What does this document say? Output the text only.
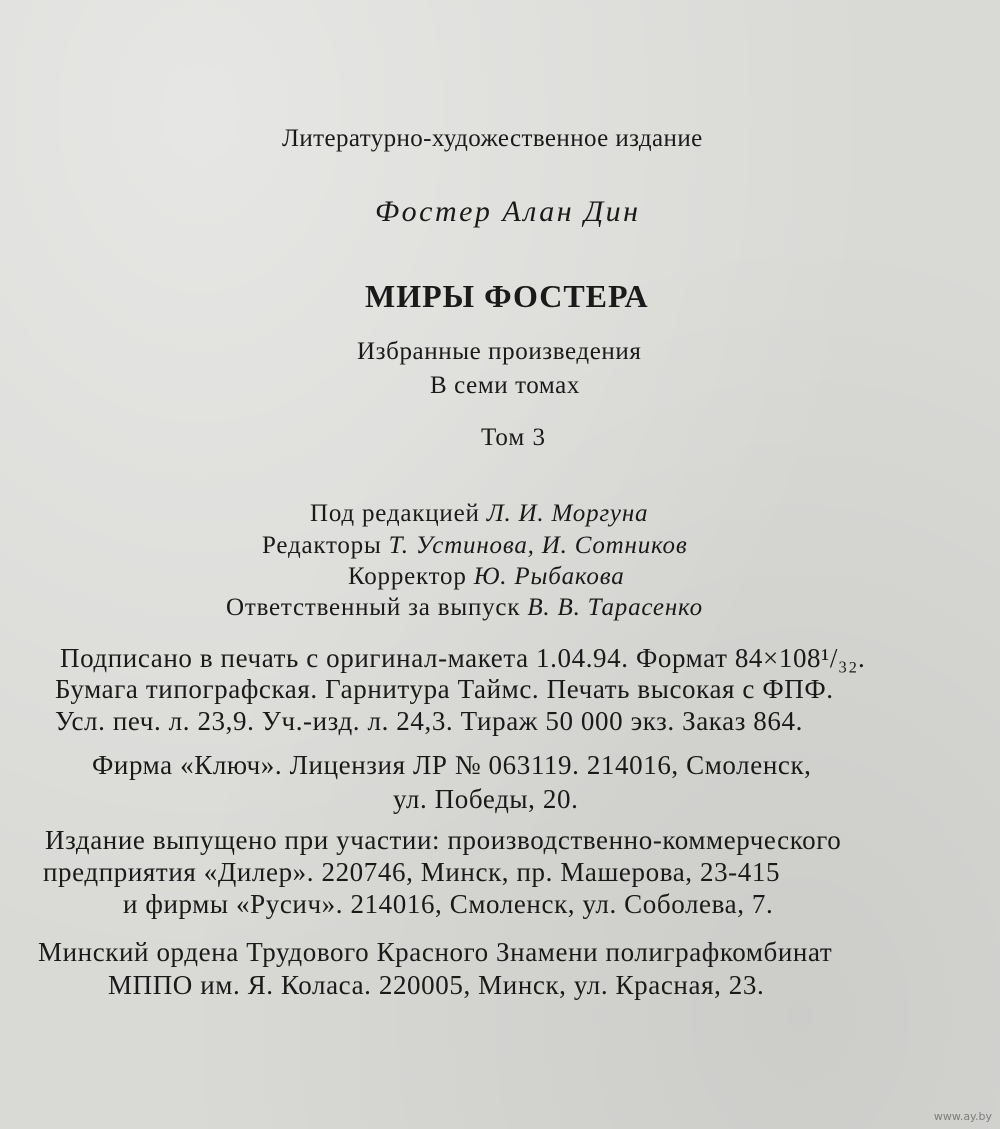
Литературно-художественное издание
Фостер Алан Дин
МИРЫ ФОСТЕРА
Избранные произведения
В семи томах
Том 3
Под редакцией Л. И. Моргуна
Редакторы Т. Устинова, И. Сотников
Корректор Ю. Рыбакова
Ответственный за выпуск В. В. Тарасенко
Подписано в печать с оригинал-макета 1.04.94. Формат 84×108¹/₃₂.
Бумага типографская. Гарнитура Таймс. Печать высокая с ФПФ.
Усл. печ. л. 23,9. Уч.-изд. л. 24,3. Тираж 50 000 экз. Заказ 864.
Фирма «Ключ». Лицензия ЛР № 063119. 214016, Смоленск,
ул. Победы, 20.
Издание выпущено при участии: производственно-коммерческого
предприятия «Дилер». 220746, Минск, пр. Машерова, 23-415
и фирмы «Русич». 214016, Смоленск, ул. Соболева, 7.
Минский ордена Трудового Красного Знамени полиграфкомбинат
МППО им. Я. Коласа. 220005, Минск, ул. Красная, 23.
www.ay.by
